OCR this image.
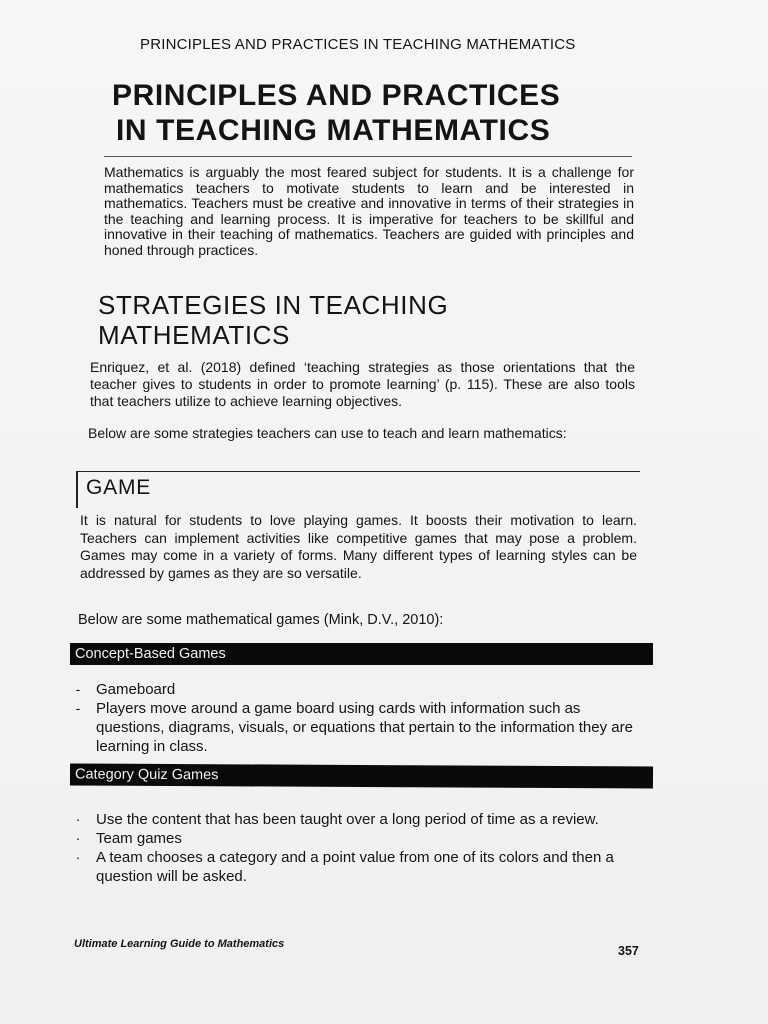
PRINCIPLES AND PRACTICES IN TEACHING MATHEMATICS
PRINCIPLES AND PRACTICES
IN TEACHING MATHEMATICS
Mathematics is arguably the most feared subject for students. It is a challenge for mathematics teachers to motivate students to learn and be interested in mathematics. Teachers must be creative and innovative in terms of their strategies in the teaching and learning process. It is imperative for teachers to be skillful and innovative in their teaching of mathematics. Teachers are guided with principles and honed through practices.
STRATEGIES IN TEACHING
MATHEMATICS
Enriquez, et al. (2018) defined ‘teaching strategies as those orientations that the teacher gives to students in order to promote learning’ (p. 115). These are also tools that teachers utilize to achieve learning objectives.
Below are some strategies teachers can use to teach and learn mathematics:
GAME
It is natural for students to love playing games. It boosts their motivation to learn. Teachers can implement activities like competitive games that may pose a problem. Games may come in a variety of forms. Many different types of learning styles can be addressed by games as they are so versatile.
Below are some mathematical games (Mink, D.V., 2010):
Concept-Based Games
- Gameboard
- Players move around a game board using cards with information such as questions, diagrams, visuals, or equations that pertain to the information they are learning in class.
Category Quiz Games
· Use the content that has been taught over a long period of time as a review.
· Team games
· A team chooses a category and a point value from one of its colors and then a question will be asked.
Ultimate Learning Guide to Mathematics	357
